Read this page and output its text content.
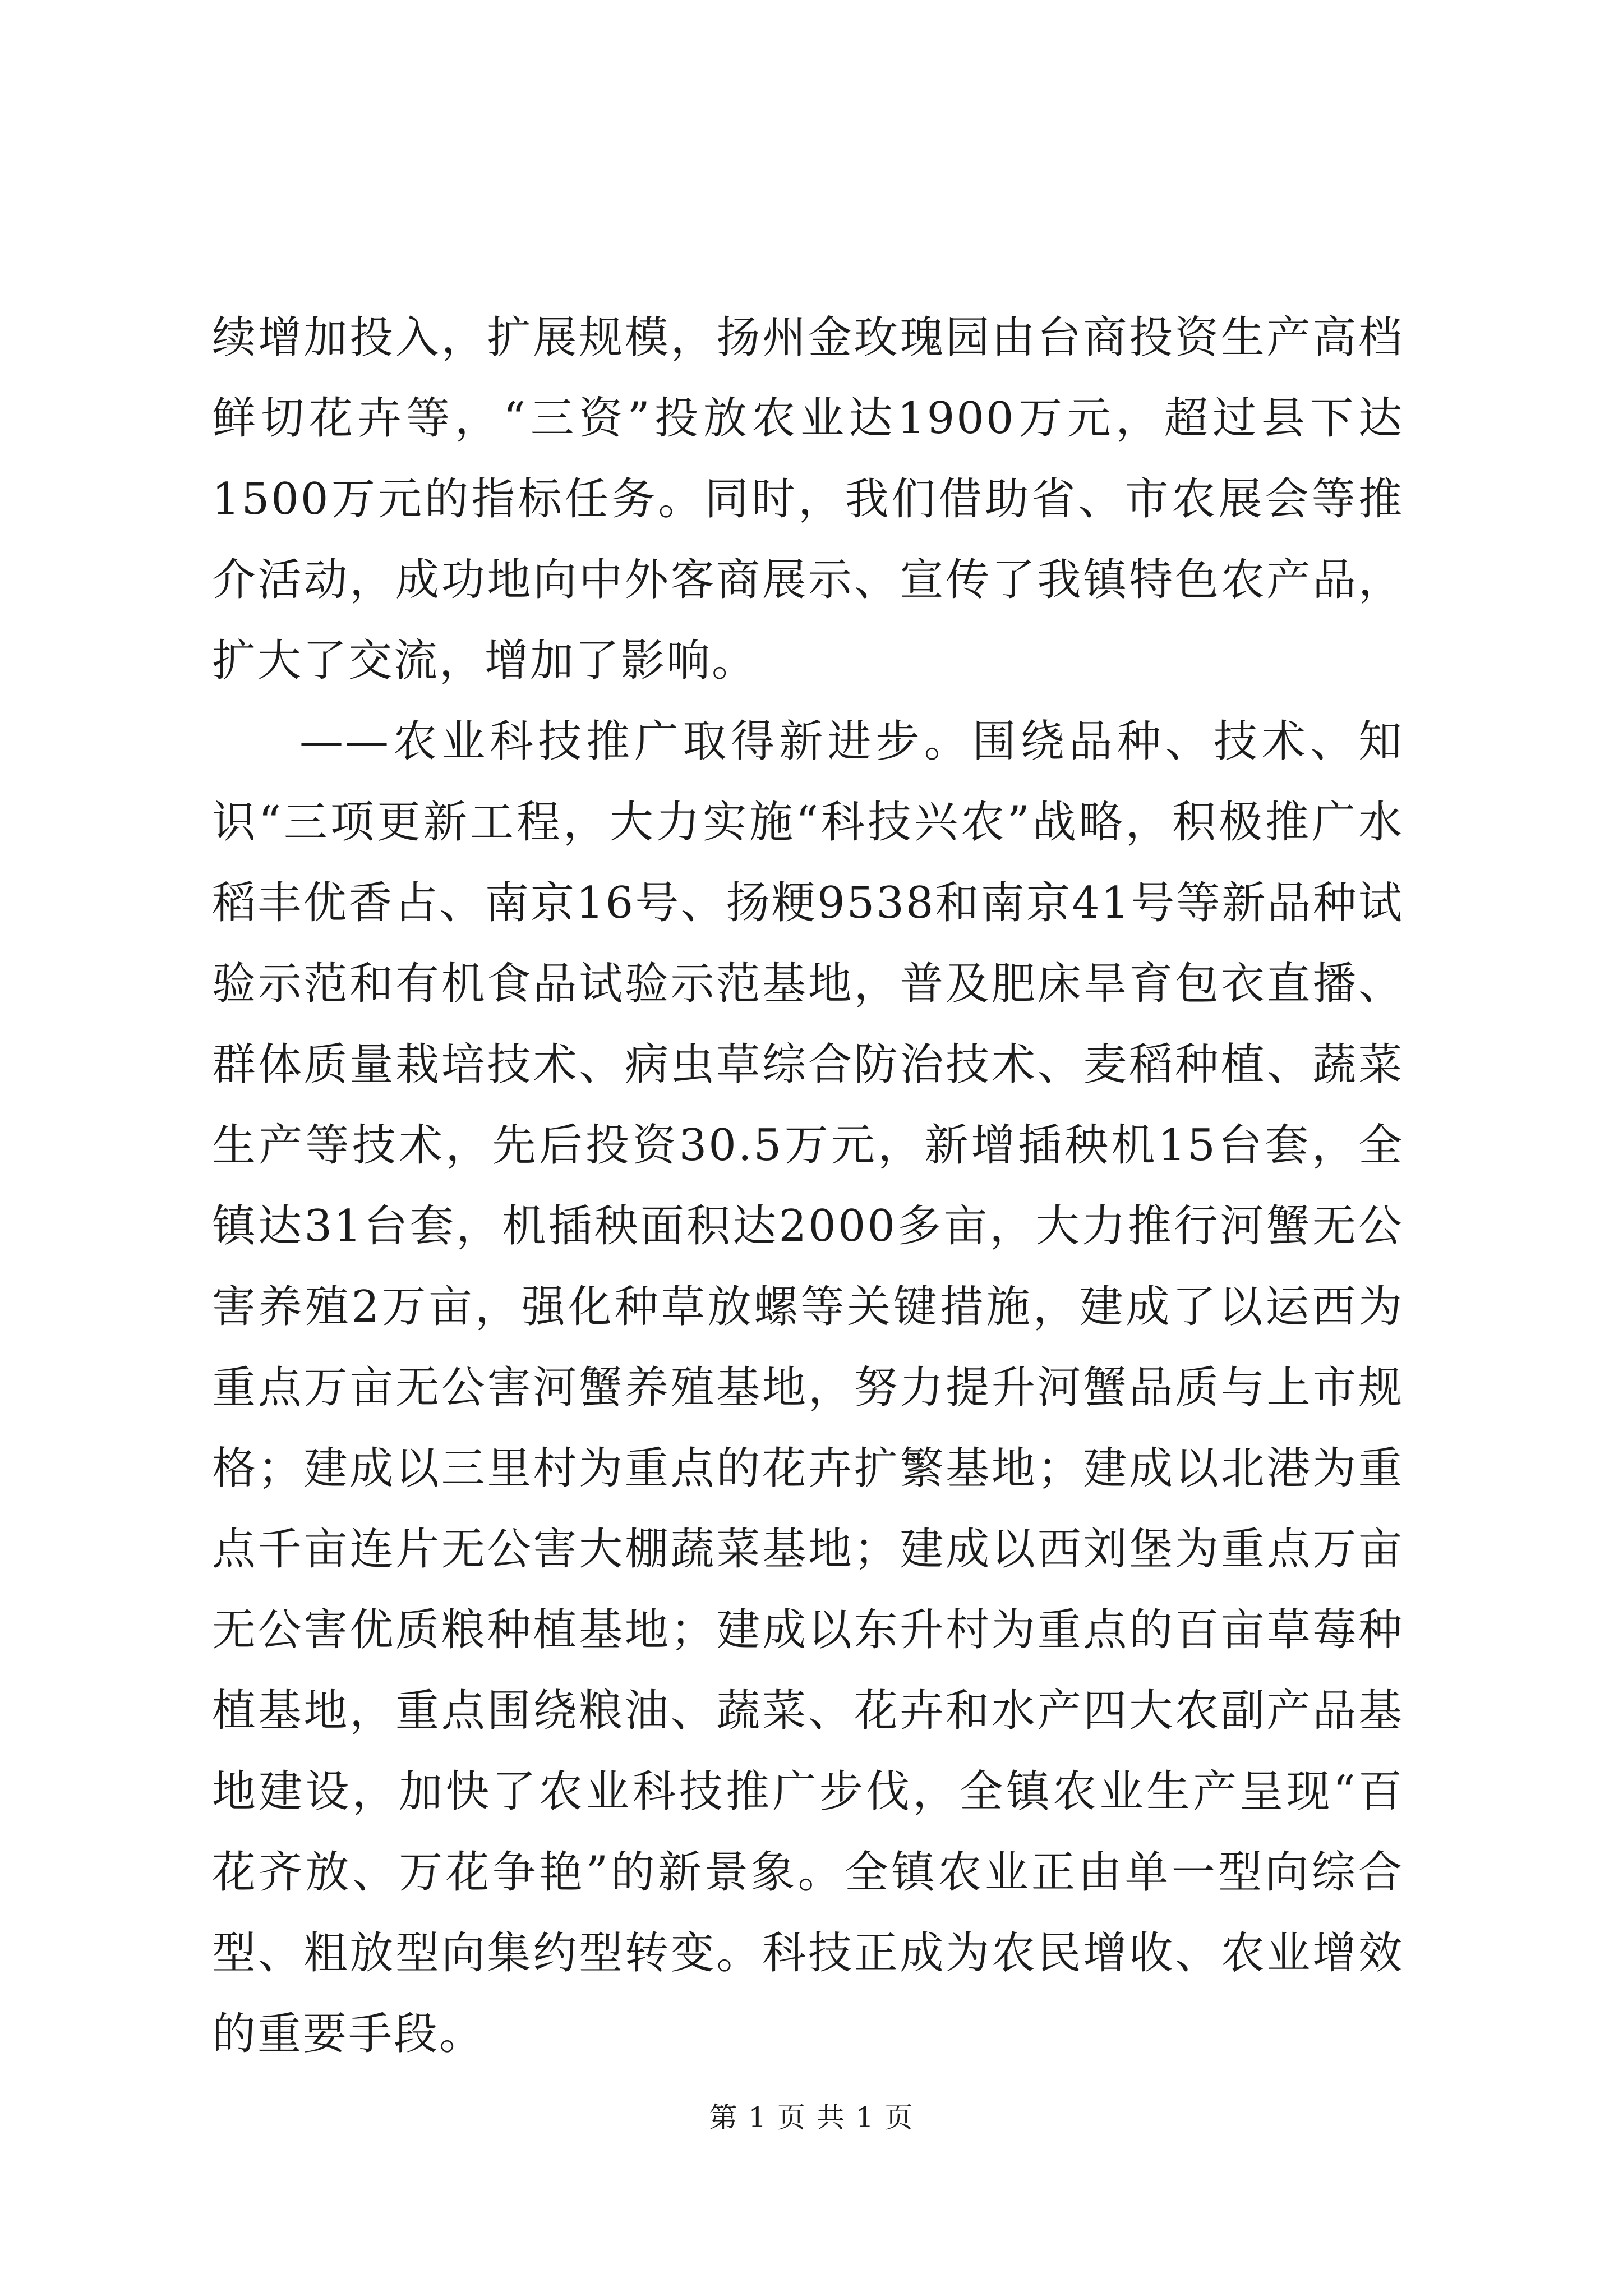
续增加投入，扩展规模，扬州金玫瑰园由台商投资生产高档鲜切花卉等，“三资”投放农业达1900万元，超过县下达1500万元的指标任务。同时，我们借助省、市农展会等推介活动，成功地向中外客商展示、宣传了我镇特色农产品，扩大了交流，增加了影响。

——农业科技推广取得新进步。围绕品种、技术、知识“三项更新工程，大力实施“科技兴农”战略，积极推广水稻丰优香占、南京16号、扬粳9538和南京41号等新品种试验示范和有机食品试验示范基地，普及肥床旱育包衣直播、群体质量栽培技术、病虫草综合防治技术、麦稻种植、蔬菜生产等技术，先后投资30.5万元，新增插秧机15台套，全镇达31台套，机插秧面积达2000多亩，大力推行河蟹无公害养殖2万亩，强化种草放螺等关键措施，建成了以运西为重点万亩无公害河蟹养殖基地，努力提升河蟹品质与上市规格；建成以三里村为重点的花卉扩繁基地；建成以北港为重点千亩连片无公害大棚蔬菜基地；建成以西刘堡为重点万亩无公害优质粮种植基地；建成以东升村为重点的百亩草莓种植基地，重点围绕粮油、蔬菜、花卉和水产四大农副产品基地建设，加快了农业科技推广步伐，全镇农业生产呈现“百花齐放、万花争艳”的新景象。全镇农业正由单一型向综合型、粗放型向集约型转变。科技正成为农民增收、农业增效的重要手段。

第 1 页 共 1 页
